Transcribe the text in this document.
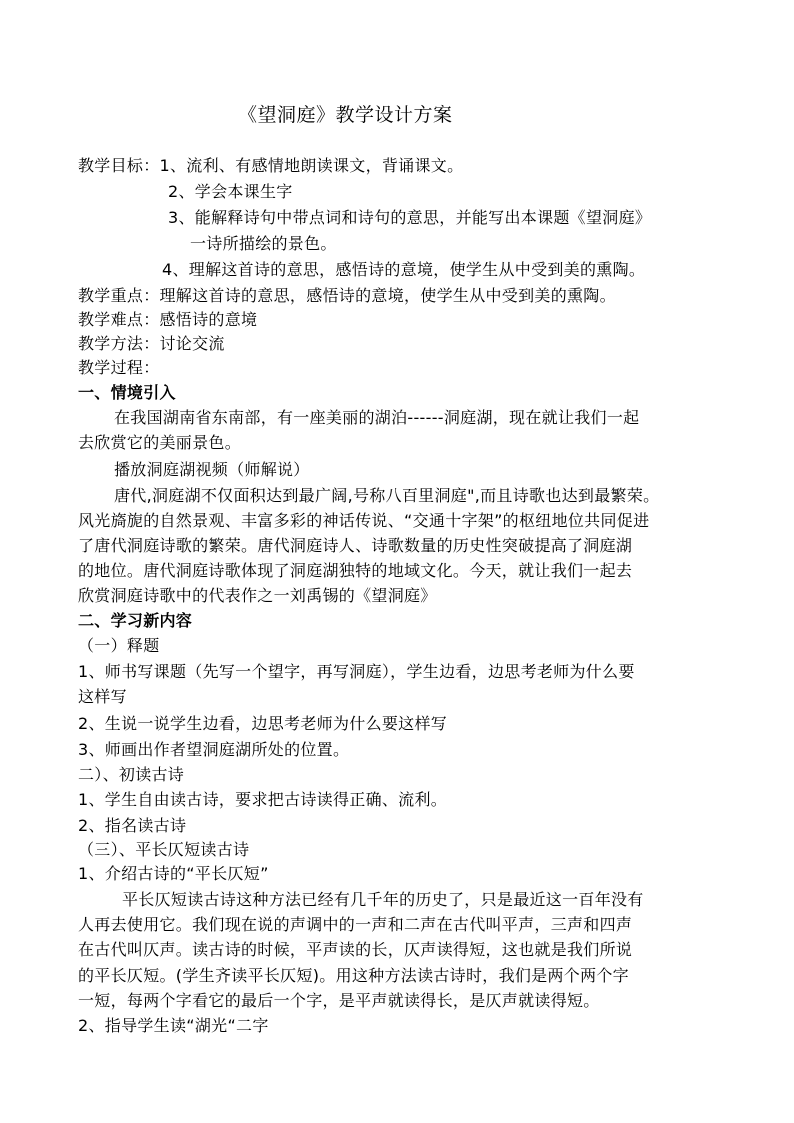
《望洞庭》教学设计方案
教学目标：1、流利、有感情地朗读课文，背诵课文。
2、学会本课生字
3、能解释诗句中带点词和诗句的意思，并能写出本课题《望洞庭》
一诗所描绘的景色。
4、理解这首诗的意思，感悟诗的意境，使学生从中受到美的熏陶。
教学重点：理解这首诗的意思，感悟诗的意境，使学生从中受到美的熏陶。
教学难点：感悟诗的意境
教学方法：讨论交流
教学过程：
一、情境引入
在我国湖南省东南部，有一座美丽的湖泊------洞庭湖，现在就让我们一起
去欣赏它的美丽景色。
播放洞庭湖视频（师解说）
唐代,洞庭湖不仅面积达到最广阔,号称八百里洞庭",而且诗歌也达到最繁荣。
风光旖旎的自然景观、丰富多彩的神话传说、“交通十字架”的枢纽地位共同促进
了唐代洞庭诗歌的繁荣。唐代洞庭诗人、诗歌数量的历史性突破提高了洞庭湖
的地位。唐代洞庭诗歌体现了洞庭湖独特的地域文化。今天，就让我们一起去
欣赏洞庭诗歌中的代表作之一刘禹锡的《望洞庭》
二、学习新内容
（一）释题
1、师书写课题（先写一个望字，再写洞庭），学生边看，边思考老师为什么要
这样写
2、生说一说学生边看，边思考老师为什么要这样写
3、师画出作者望洞庭湖所处的位置。
二）、初读古诗
1、学生自由读古诗，要求把古诗读得正确、流利。
2、指名读古诗
（三）、平长仄短读古诗
1、介绍古诗的“平长仄短”
平长仄短读古诗这种方法已经有几千年的历史了，只是最近这一百年没有
人再去使用它。我们现在说的声调中的一声和二声在古代叫平声，三声和四声
在古代叫仄声。读古诗的时候，平声读的长，仄声读得短，这也就是我们所说
的平长仄短。(学生齐读平长仄短)。用这种方法读古诗时，我们是两个两个字
一短，每两个字看它的最后一个字，是平声就读得长，是仄声就读得短。
2、指导学生读“湖光“二字
